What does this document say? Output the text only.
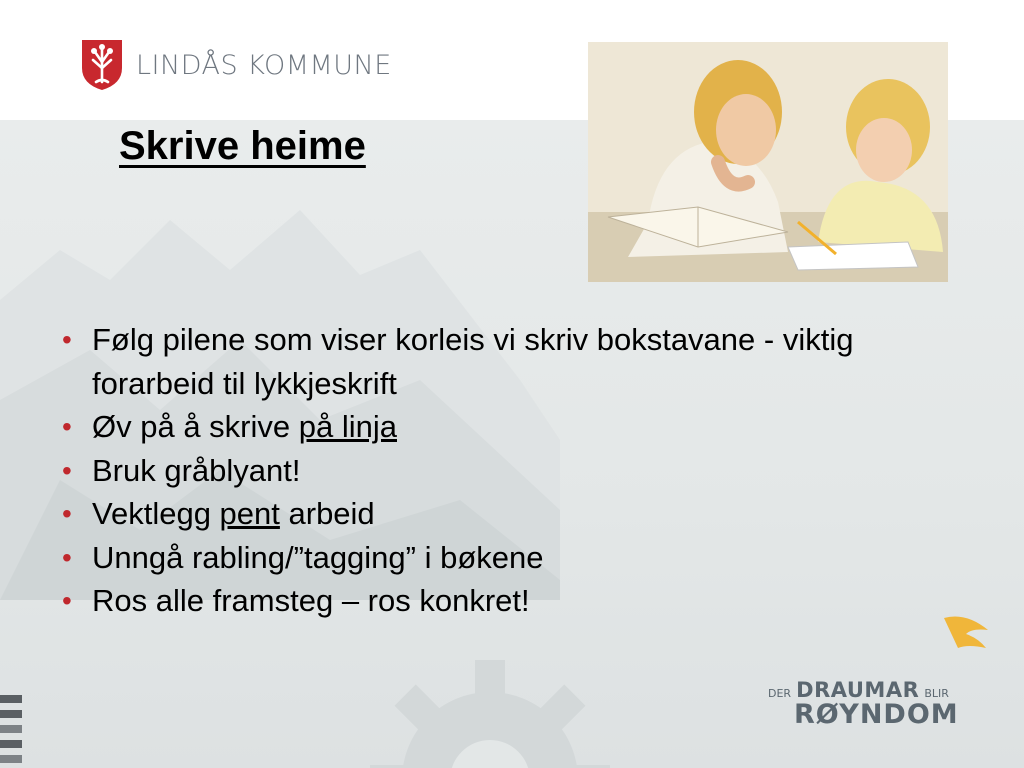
LINDÅS KOMMUNE
Skrive heime
• Følg pilene som viser korleis vi skriv bokstavane - viktig forarbeid til lykkjeskrift
• Øv på å skrive på linja
• Bruk gråblyant!
• Vektlegg pent arbeid
• Unngå rabling/”tagging” i bøkene
• Ros alle framsteg – ros konkret!
DER DRAUMAR BLIR
RØYNDOM
